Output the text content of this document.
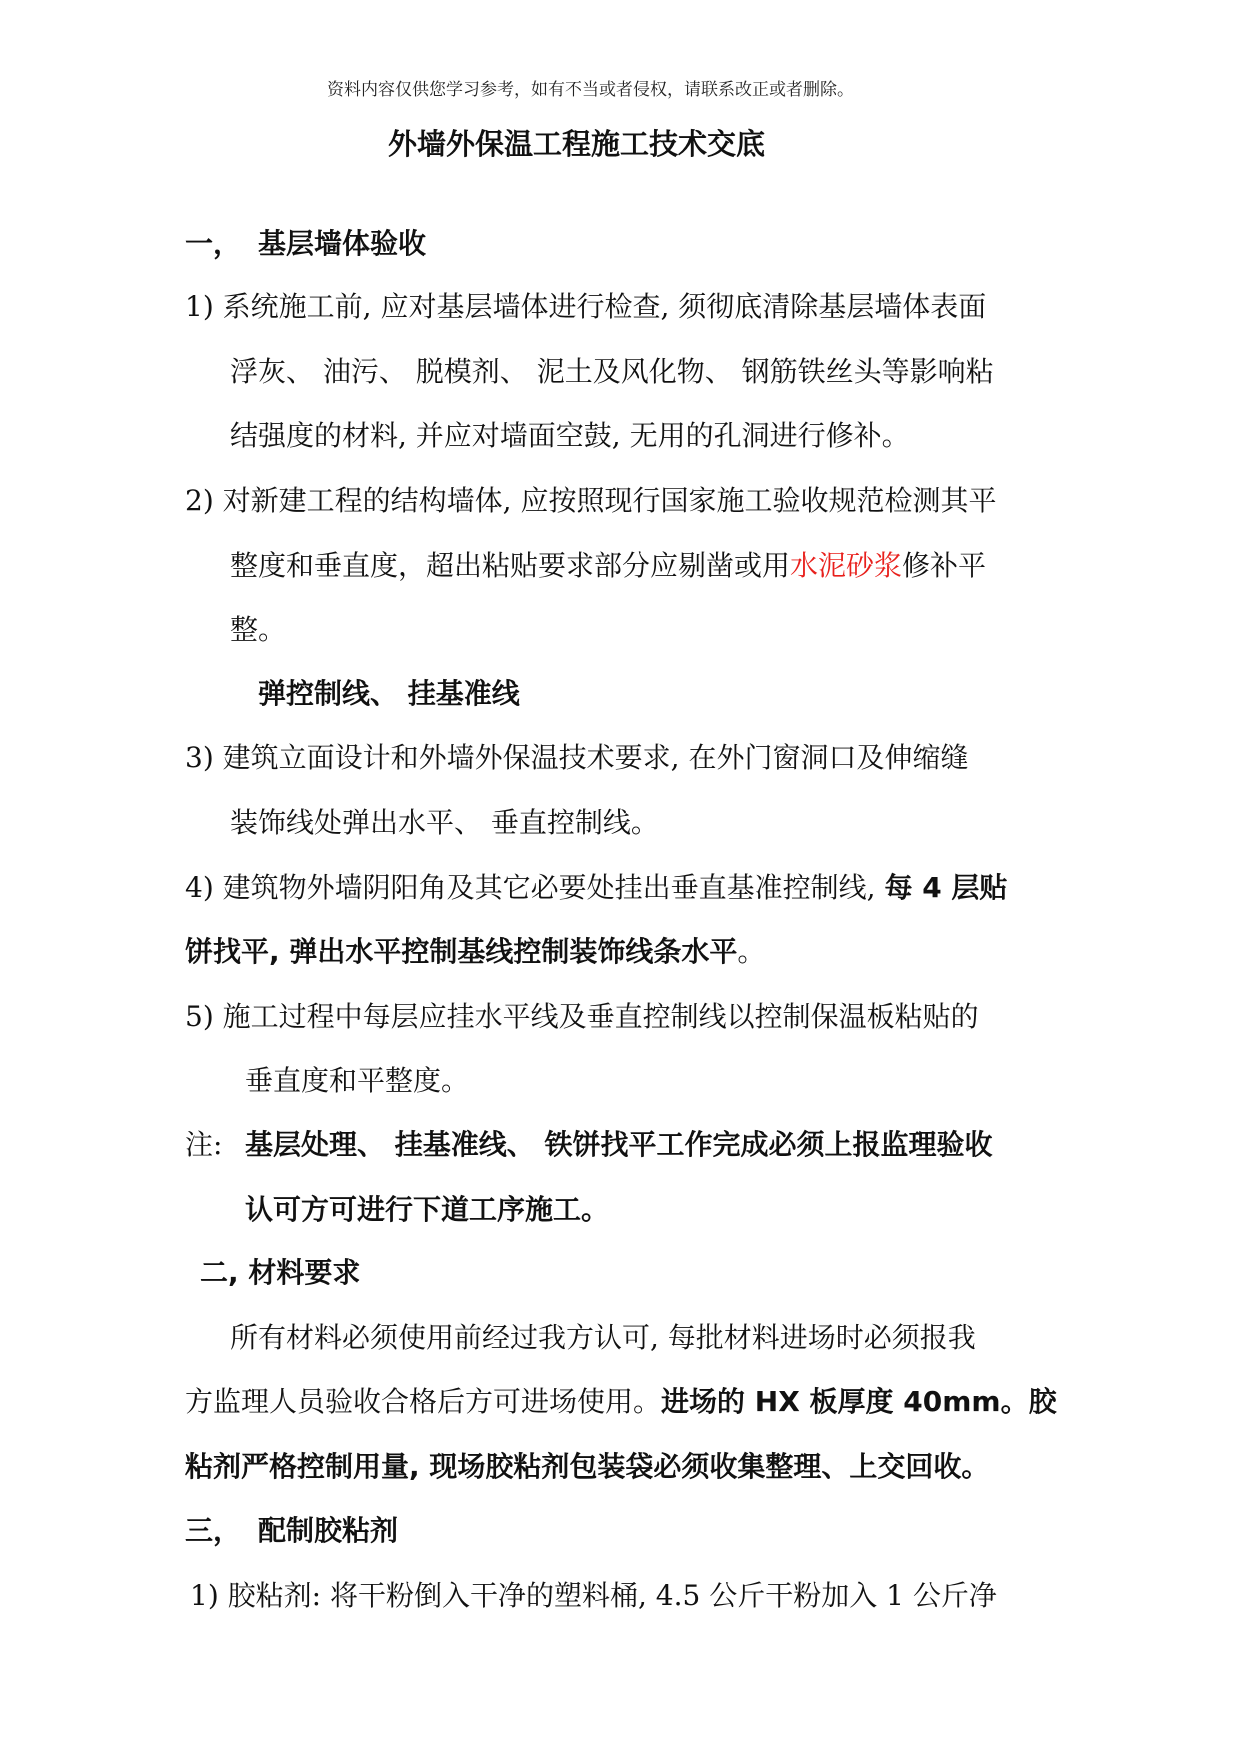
资料内容仅供您学习参考，如有不当或者侵权，请联系改正或者删除。
外墙外保温工程施工技术交底
一， 基层墙体验收
1) 系统施工前, 应对基层墙体进行检查, 须彻底清除基层墙体表面
浮灰、 油污、 脱模剂、 泥土及风化物、 钢筋铁丝头等影响粘
结强度的材料, 并应对墙面空鼓, 无用的孔洞进行修补。
2) 对新建工程的结构墙体, 应按照现行国家施工验收规范检测其平
整度和垂直度，超出粘贴要求部分应剔凿或用水泥砂浆修补平
整。
弹控制线、 挂基准线
3) 建筑立面设计和外墙外保温技术要求, 在外门窗洞口及伸缩缝
装饰线处弹出水平、 垂直控制线。
4) 建筑物外墙阴阳角及其它必要处挂出垂直基准控制线, 每 4 层贴
饼找平, 弹出水平控制基线控制装饰线条水平。
5) 施工过程中每层应挂水平线及垂直控制线以控制保温板粘贴的
垂直度和平整度。
注: 基层处理、 挂基准线、 铁饼找平工作完成必须上报监理验收
认可方可进行下道工序施工。
二, 材料要求
所有材料必须使用前经过我方认可, 每批材料进场时必须报我
方监理人员验收合格后方可进场使用。进场的 HX 板厚度 40mm。胶
粘剂严格控制用量, 现场胶粘剂包装袋必须收集整理、上交回收。
三， 配制胶粘剂
1) 胶粘剂: 将干粉倒入干净的塑料桶, 4.5 公斤干粉加入 1 公斤净
